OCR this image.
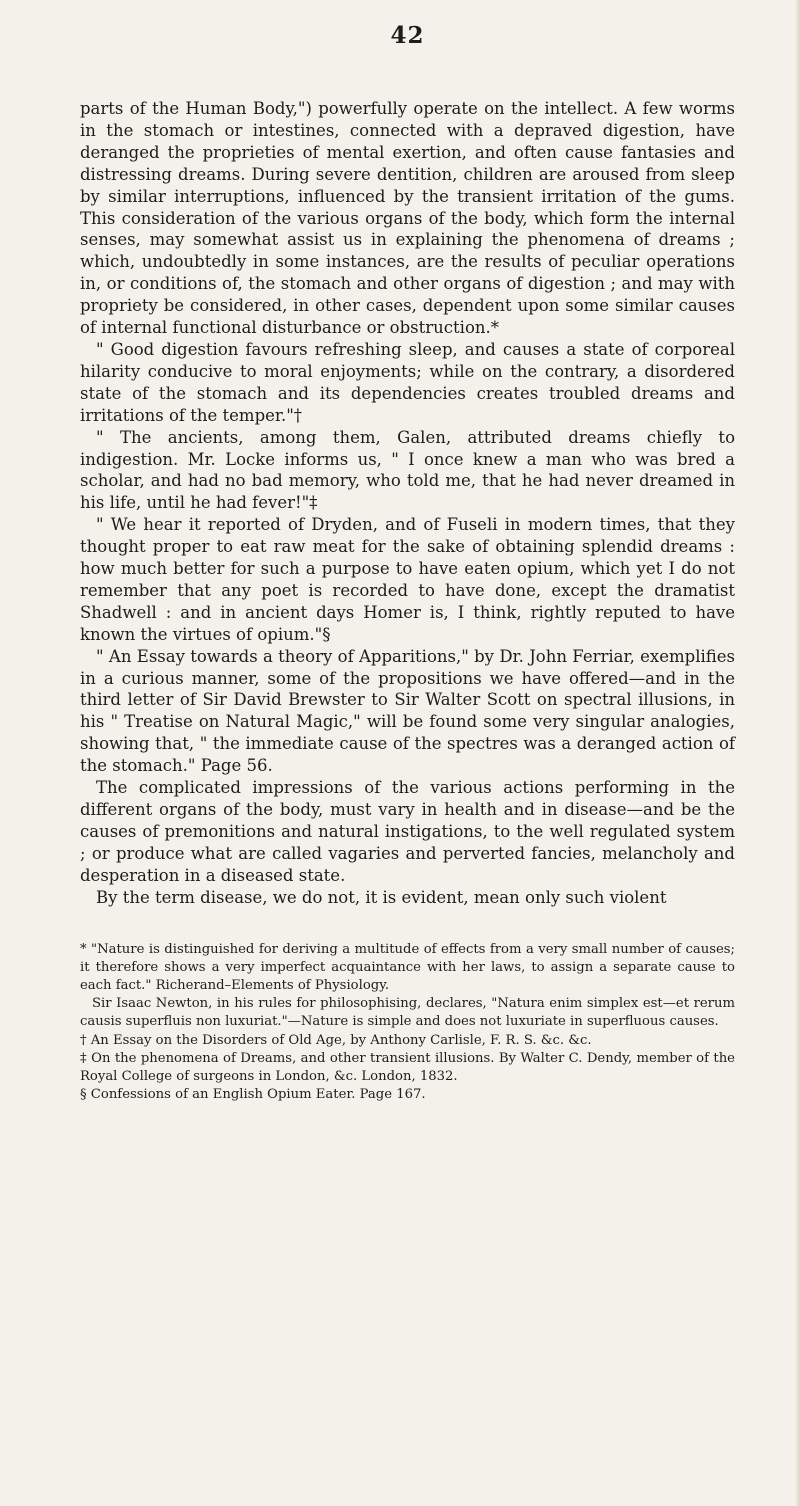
42

parts of the Human Body,") powerfully operate on the intellect. A few worms in the stomach or intestines, connected with a depraved digestion, have deranged the proprieties of mental exertion, and often cause fantasies and distressing dreams. During severe dentition, children are aroused from sleep by similar interruptions, influenced by the transient irritation of the gums. This consideration of the various organs of the body, which form the internal senses, may somewhat assist us in explaining the phenomena of dreams ; which, undoubtedly in some instances, are the results of peculiar operations in, or conditions of, the stomach and other organs of digestion ; and may with propriety be considered, in other cases, dependent upon some similar causes of internal functional disturbance or obstruction.*

" Good digestion favours refreshing sleep, and causes a state of corporeal hilarity conducive to moral enjoyments; while on the contrary, a disordered state of the stomach and its dependencies creates troubled dreams and irritations of the temper."†

" The ancients, among them, Galen, attributed dreams chiefly to indigestion. Mr. Locke informs us, " I once knew a man who was bred a scholar, and had no bad memory, who told me, that he had never dreamed in his life, until he had fever!"‡

" We hear it reported of Dryden, and of Fuseli in modern times, that they thought proper to eat raw meat for the sake of obtaining splendid dreams : how much better for such a purpose to have eaten opium, which yet I do not remember that any poet is recorded to have done, except the dramatist Shadwell : and in ancient days Homer is, I think, rightly reputed to have known the virtues of opium."§

" An Essay towards a theory of Apparitions," by Dr. John Ferriar, exemplifies in a curious manner, some of the propositions we have offered—and in the third letter of Sir David Brewster to Sir Walter Scott on spectral illusions, in his " Treatise on Natural Magic," will be found some very singular analogies, showing that, " the immediate cause of the spectres was a deranged action of the stomach." Page 56.

The complicated impressions of the various actions performing in the different organs of the body, must vary in health and in disease—and be the causes of premonitions and natural instigations, to the well regulated system ; or produce what are called vagaries and perverted fancies, melancholy and desperation in a diseased state.

By the term disease, we do not, it is evident, mean only such violent

* "Nature is distinguished for deriving a multitude of effects from a very small number of causes; it therefore shows a very imperfect acquaintance with her laws, to assign a separate cause to each fact." Richerand–Elements of Physiology.

Sir Isaac Newton, in his rules for philosophising, declares, "Natura enim simplex est—et rerum causis superfluis non luxuriat."—Nature is simple and does not luxuriate in superfluous causes.

† An Essay on the Disorders of Old Age, by Anthony Carlisle, F. R. S. &c. &c.

‡ On the phenomena of Dreams, and other transient illusions. By Walter C. Dendy, member of the Royal College of surgeons in London, &c. London, 1832.

§ Confessions of an English Opium Eater. Page 167.
